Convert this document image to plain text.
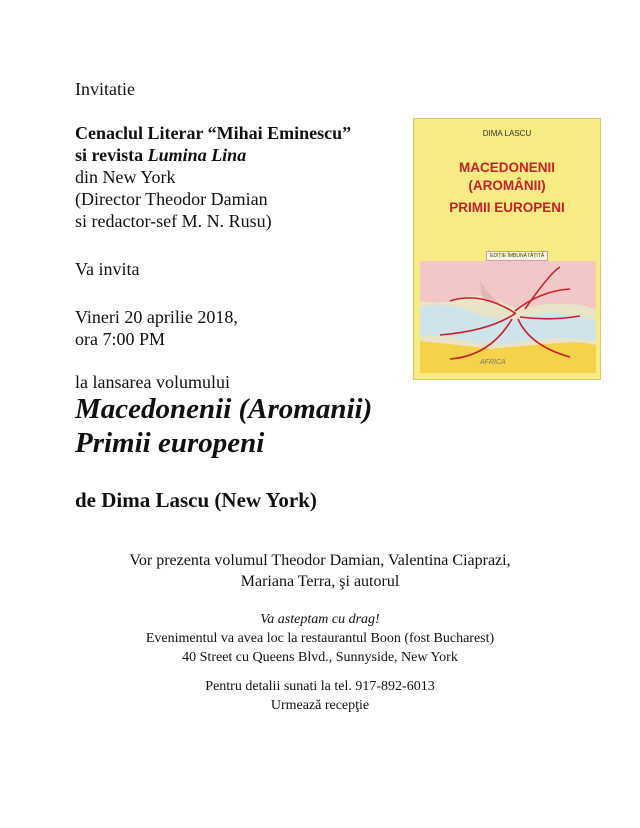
Invitatie
Cenaclul Literar “Mihai Eminescu”
si revista Lumina Lina
din New York
(Director Theodor Damian
si redactor-sef M. N. Rusu)
Va invita
Vineri 20 aprilie 2018,
ora 7:00 PM
la lansarea volumului
Macedonenii (Aromanii)
Primii europeni
de Dima Lascu (New York)
Vor prezenta volumul Theodor Damian, Valentina Ciaprazi,
Mariana Terra, şi autorul
Va asteptam cu drag!
Evenimentul va avea loc la restaurantul Boon (fost Bucharest)
40 Street cu Queens Blvd., Sunnyside, New York
Pentru detalii sunati la tel. 917-892-6013
Urmează recepţie
DIMA LASCU
MACEDONENII
(AROMÂNII)
PRIMII EUROPENI
AFRICA
EDIȚIE ÎMBUNĂTĂȚITĂ
